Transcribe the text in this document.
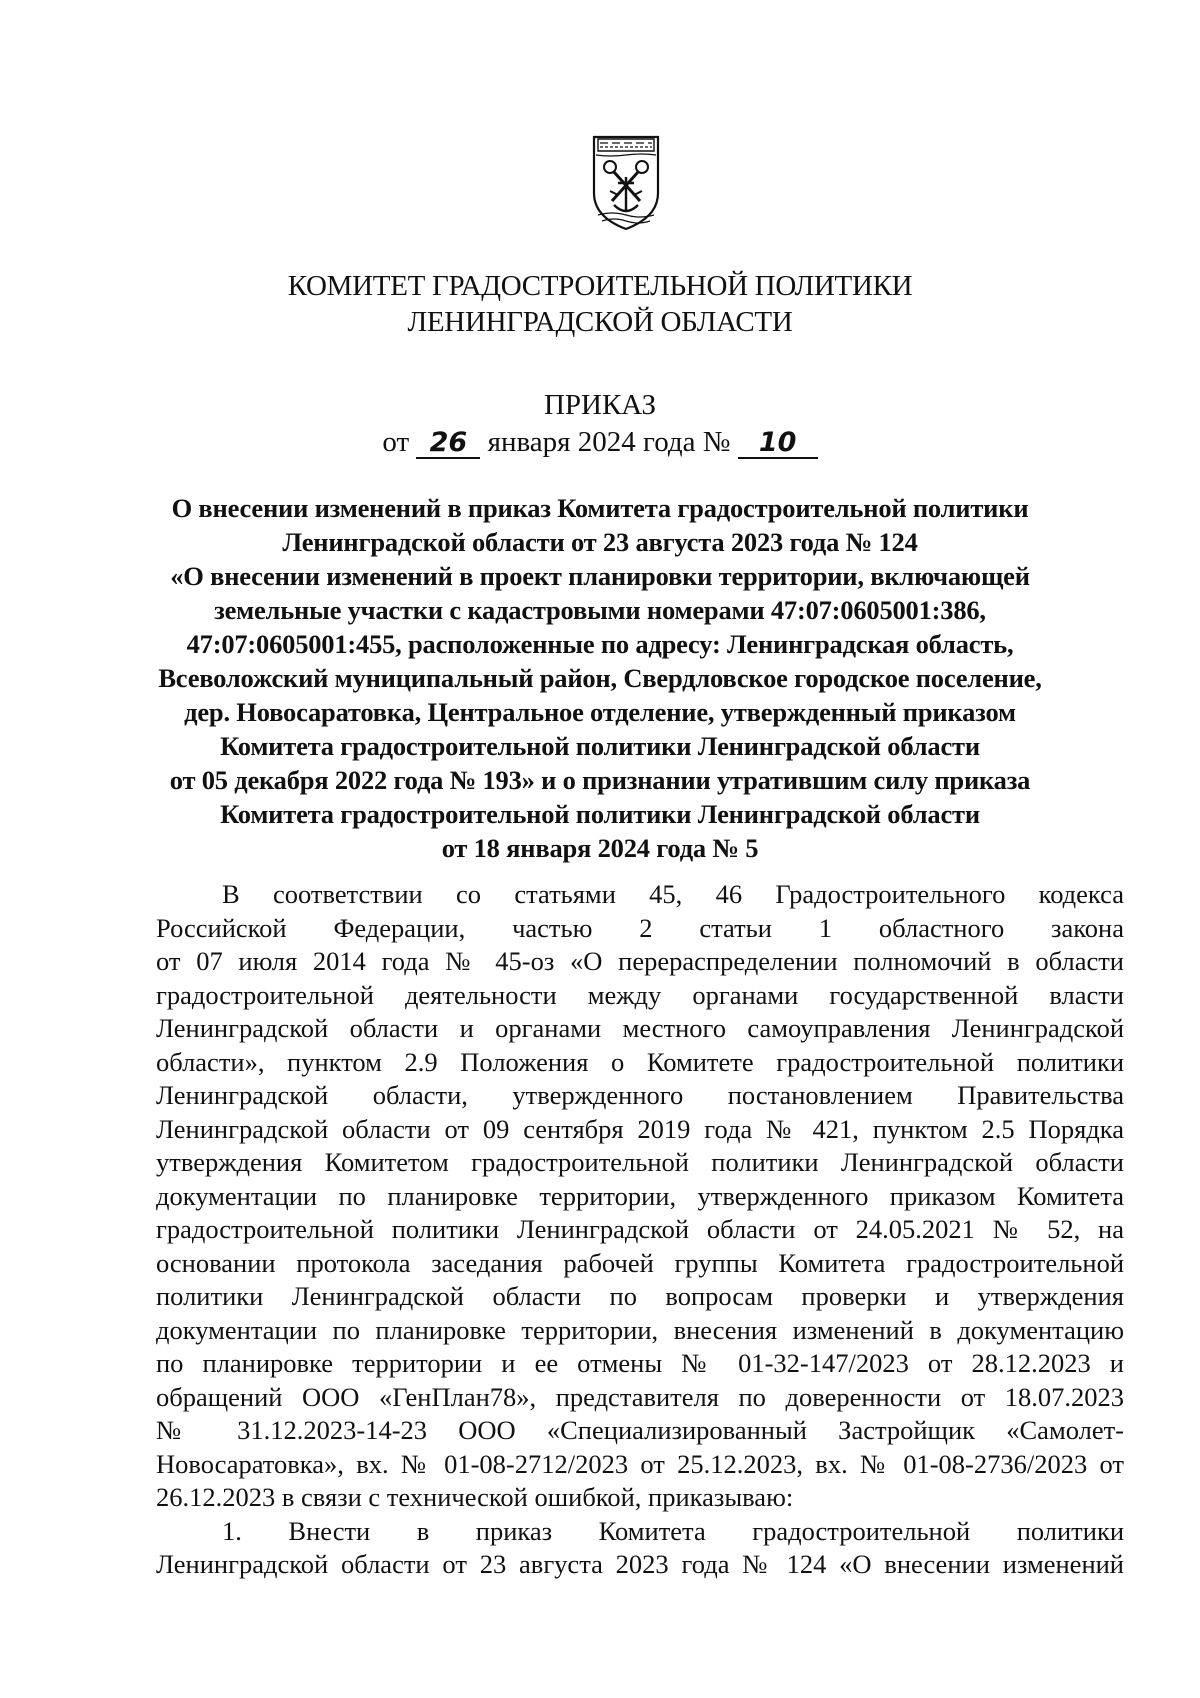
КОМИТЕТ ГРАДОСТРОИТЕЛЬНОЙ ПОЛИТИКИ
ЛЕНИНГРАДСКОЙ ОБЛАСТИ
ПРИКАЗ
от 26 января 2024 года № 10
О внесении изменений в приказ Комитета градостроительной политики
Ленинградской области от 23 августа 2023 года № 124
«О внесении изменений в проект планировки территории, включающей
земельные участки с кадастровыми номерами 47:07:0605001:386,
47:07:0605001:455, расположенные по адресу: Ленинградская область,
Всеволожский муниципальный район, Свердловское городское поселение,
дер. Новосаратовка, Центральное отделение, утвержденный приказом
Комитета градостроительной политики Ленинградской области
от 05 декабря 2022 года № 193» и о признании утратившим силу приказа
Комитета градостроительной политики Ленинградской области
от 18 января 2024 года № 5
В соответствии со статьями 45, 46 Градостроительного кодекса
Российской Федерации, частью 2 статьи 1 областного закона
от 07 июля 2014 года № 45-оз «О перераспределении полномочий в области
градостроительной деятельности между органами государственной власти
Ленинградской области и органами местного самоуправления Ленинградской
области», пунктом 2.9 Положения о Комитете градостроительной политики
Ленинградской области, утвержденного постановлением Правительства
Ленинградской области от 09 сентября 2019 года № 421, пунктом 2.5 Порядка
утверждения Комитетом градостроительной политики Ленинградской области
документации по планировке территории, утвержденного приказом Комитета
градостроительной политики Ленинградской области от 24.05.2021 № 52, на
основании протокола заседания рабочей группы Комитета градостроительной
политики Ленинградской области по вопросам проверки и утверждения
документации по планировке территории, внесения изменений в документацию
по планировке территории и ее отмены № 01-32-147/2023 от 28.12.2023 и
обращений ООО «ГенПлан78», представителя по доверенности от 18.07.2023
№ 31.12.2023-14-23 ООО «Специализированный Застройщик «Самолет-
Новосаратовка», вх. № 01-08-2712/2023 от 25.12.2023, вх. № 01-08-2736/2023 от
26.12.2023 в связи с технической ошибкой, приказываю:
1. Внести в приказ Комитета градостроительной политики
Ленинградской области от 23 августа 2023 года № 124 «О внесении изменений
